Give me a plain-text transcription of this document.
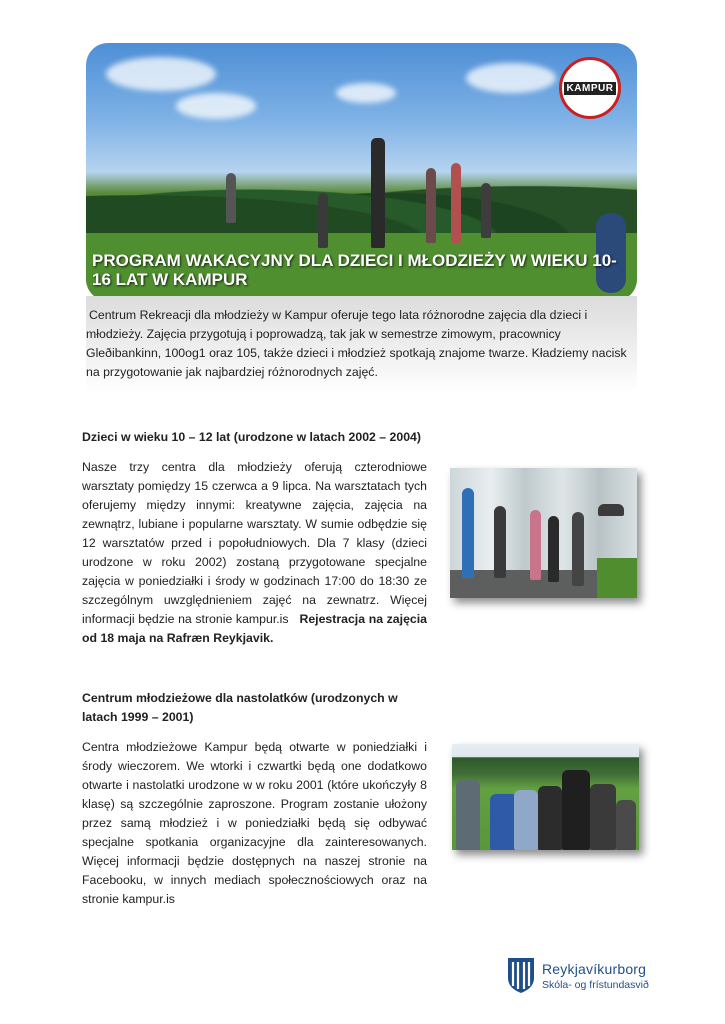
KAMPUR
PROGRAM WAKACYJNY DLA DZIECI I MŁODZIEŻY W WIEKU 10-16 LAT W KAMPUR

Centrum Rekreacji dla młodzieży w Kampur oferuje tego lata różnorodne zajęcia dla dzieci i młodzieży. Zajęcia przygotują i poprowadzą, tak jak w semestrze zimowym, pracownicy Gleðibankinn, 100og1 oraz 105, także dzieci i młodzież spotkają znajome twarze. Kładziemy nacisk na przygotowanie jak najbardziej różnorodnych zajęć.

Dzieci w wieku 10 – 12 lat (urodzone w latach 2002 – 2004)

Nasze trzy centra dla młodzieży oferują czterodniowe warsztaty pomiędzy 15 czerwca a 9 lipca. Na warsztatach tych oferujemy między innymi: kreatywne zajęcia, zajęcia na zewnątrz, lubiane i popularne warsztaty. W sumie odbędzie się 12 warsztatów przed i popołudniowych. Dla 7 klasy (dzieci urodzone w roku 2002) zostaną przygotowane specjalne zajęcia w poniedziałki i środy w godzinach 17:00 do 18:30 ze szczególnym uwzględnieniem zajęć na zewnatrz. Więcej informacji będzie na stronie kampur.is Rejestracja na zajęcia od 18 maja na Rafræn Reykjavik.

Centrum młodzieżowe dla nastolatków (urodzonych w latach 1999 – 2001)

Centra młodzieżowe Kampur będą otwarte w poniedziałki i środy wieczorem. We wtorki i czwartki będą one dodatkowo otwarte i nastolatki urodzone w w roku 2001 (które ukończyły 8 klasę) są szczególnie zaproszone. Program zostanie ułożony przez samą młodzież i w poniedziałki będą się odbywać specjalne spotkania organizacyjne dla zainteresowanych. Więcej informacji będzie dostępnych na naszej stronie na Facebooku, w innych mediach społecznościowych oraz na stronie kampur.is

Reykjavíkurborg

Skóla- og frístundasvið
